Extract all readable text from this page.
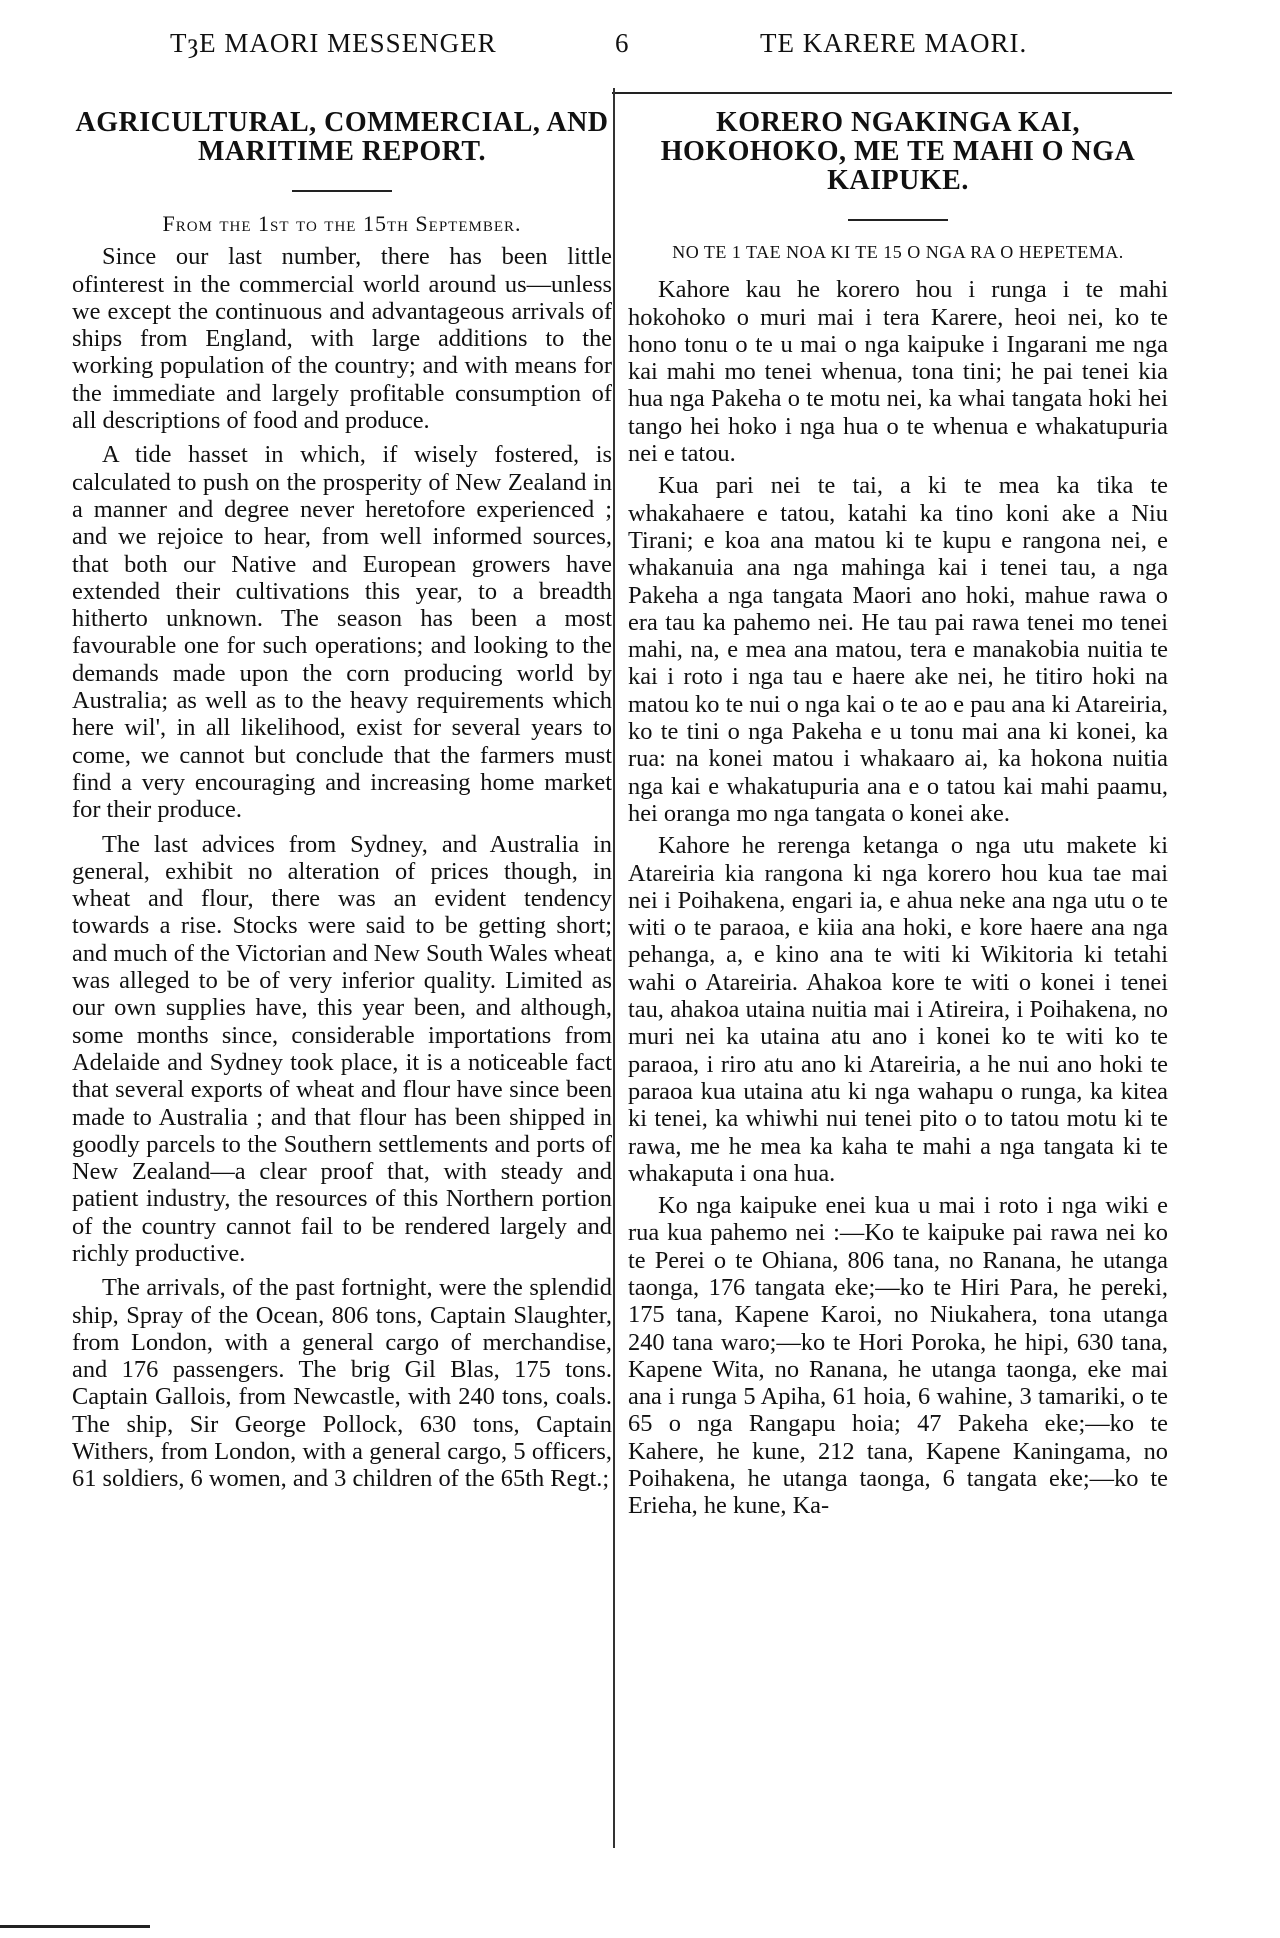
TȝE MAORI MESSENGER	6	TE KARERE MAORI.
AGRICULTURAL, COMMERCIAL, AND MARITIME REPORT.

From the 1st to the 15th September.

Since our last number, there has been little ofinterest in the commercial world around us—unless we except the continuous and advantageous arrivals of ships from England, with large additions to the working population of the country; and with means for the immediate and largely profitable consumption of all descriptions of food and produce.

A tide hasset in which, if wisely fostered, is calculated to push on the prosperity of New Zealand in a manner and degree never heretofore experienced ; and we rejoice to hear, from well informed sources, that both our Native and European growers have extended their cultivations this year, to a breadth hitherto unknown. The season has been a most favourable one for such operations; and looking to the demands made upon the corn producing world by Australia; as well as to the heavy requirements which here wil', in all likelihood, exist for several years to come, we cannot but conclude that the farmers must find a very encouraging and increasing home market for their produce.

The last advices from Sydney, and Australia in general, exhibit no alteration of prices though, in wheat and flour, there was an evident tendency towards a rise. Stocks were said to be getting short; and much of the Victorian and New South Wales wheat was alleged to be of very inferior quality. Limited as our own supplies have, this year been, and although, some months since, considerable importations from Adelaide and Sydney took place, it is a noticeable fact that several exports of wheat and flour have since been made to Australia ; and that flour has been shipped in goodly parcels to the Southern settlements and ports of New Zealand—a clear proof that, with steady and patient industry, the resources of this Northern portion of the country cannot fail to be rendered largely and richly productive.

The arrivals, of the past fortnight, were the splendid ship, Spray of the Ocean, 806 tons, Captain Slaughter, from London, with a general cargo of merchandise, and 176 passengers. The brig Gil Blas, 175 tons. Captain Gallois, from Newcastle, with 240 tons, coals. The ship, Sir George Pollock, 630 tons, Captain Withers, from London, with a general cargo, 5 officers, 61 soldiers, 6 women, and 3 children of the 65th Regt.;

KORERO NGAKINGA KAI, HOKOHOKO, ME TE MAHI O NGA KAIPUKE.

NO TE 1 TAE NOA KI TE 15 O NGA RA O HEPETEMA.

Kahore kau he korero hou i runga i te mahi hokohoko o muri mai i tera Karere, heoi nei, ko te hono tonu o te u mai o nga kaipuke i Ingarani me nga kai mahi mo tenei whenua, tona tini; he pai tenei kia hua nga Pakeha o te motu nei, ka whai tangata hoki hei tango hei hoko i nga hua o te whenua e whakatupuria nei e tatou.

Kua pari nei te tai, a ki te mea ka tika te whakahaere e tatou, katahi ka tino koni ake a Niu Tirani; e koa ana matou ki te kupu e rangona nei, e whakanuia ana nga mahinga kai i tenei tau, a nga Pakeha a nga tangata Maori ano hoki, mahue rawa o era tau ka pahemo nei. He tau pai rawa tenei mo tenei mahi, na, e mea ana matou, tera e manakobia nuitia te kai i roto i nga tau e haere ake nei, he titiro hoki na matou ko te nui o nga kai o te ao e pau ana ki Atareiria, ko te tini o nga Pakeha e u tonu mai ana ki konei, ka rua: na konei matou i whakaaro ai, ka hokona nuitia nga kai e whakatupuria ana e o tatou kai mahi paamu, hei oranga mo nga tangata o konei ake.

Kahore he rerenga ketanga o nga utu makete ki Atareiria kia rangona ki nga korero hou kua tae mai nei i Poihakena, engari ia, e ahua neke ana nga utu o te witi o te paraoa, e kiia ana hoki, e kore haere ana nga pehanga, a, e kino ana te witi ki Wikitoria ki tetahi wahi o Atareiria. Ahakoa kore te witi o konei i tenei tau, ahakoa utaina nuitia mai i Atireira, i Poihakena, no muri nei ka utaina atu ano i konei ko te witi ko te paraoa, i riro atu ano ki Atareiria, a he nui ano hoki te paraoa kua utaina atu ki nga wahapu o runga, ka kitea ki tenei, ka whiwhi nui tenei pito o to tatou motu ki te rawa, me he mea ka kaha te mahi a nga tangata ki te whakaputa i ona hua.

Ko nga kaipuke enei kua u mai i roto i nga wiki e rua kua pahemo nei :—Ko te kaipuke pai rawa nei ko te Perei o te Ohiana, 806 tana, no Ranana, he utanga taonga, 176 tangata eke;—ko te Hiri Para, he pereki, 175 tana, Kapene Karoi, no Niukahera, tona utanga 240 tana waro;—ko te Hori Poroka, he hipi, 630 tana, Kapene Wita, no Ranana, he utanga taonga, eke mai ana i runga 5 Apiha, 61 hoia, 6 wahine, 3 tamariki, o te 65 o nga Rangapu hoia; 47 Pakeha eke;—ko te Kahere, he kune, 212 tana, Kapene Kaningama, no Poihakena, he utanga taonga, 6 tangata eke;—ko te Erieha, he kune, Ka-
